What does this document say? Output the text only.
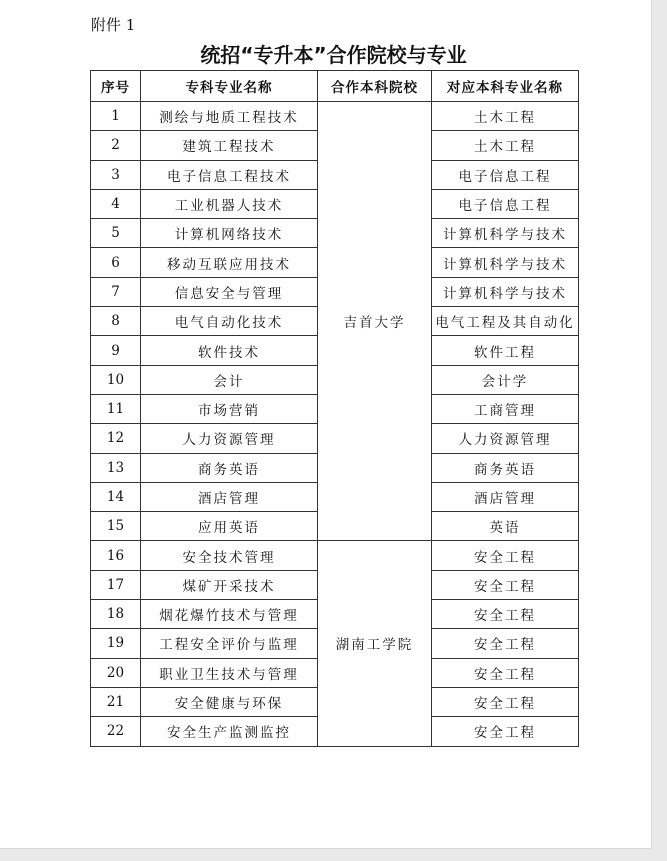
附件 1
统招“专升本”合作院校与专业
序号	专科专业名称	合作本科院校	对应本科专业名称
1	测绘与地质工程技术	吉首大学	土木工程
2	建筑工程技术		土木工程
3	电子信息工程技术		电子信息工程
4	工业机器人技术		电子信息工程
5	计算机网络技术		计算机科学与技术
6	移动互联应用技术		计算机科学与技术
7	信息安全与管理		计算机科学与技术
8	电气自动化技术		电气工程及其自动化
9	软件技术		软件工程
10	会计		会计学
11	市场营销		工商管理
12	人力资源管理		人力资源管理
13	商务英语		商务英语
14	酒店管理		酒店管理
15	应用英语		英语
16	安全技术管理	湖南工学院	安全工程
17	煤矿开采技术		安全工程
18	烟花爆竹技术与管理		安全工程
19	工程安全评价与监理		安全工程
20	职业卫生技术与管理		安全工程
21	安全健康与环保		安全工程
22	安全生产监测监控		安全工程
